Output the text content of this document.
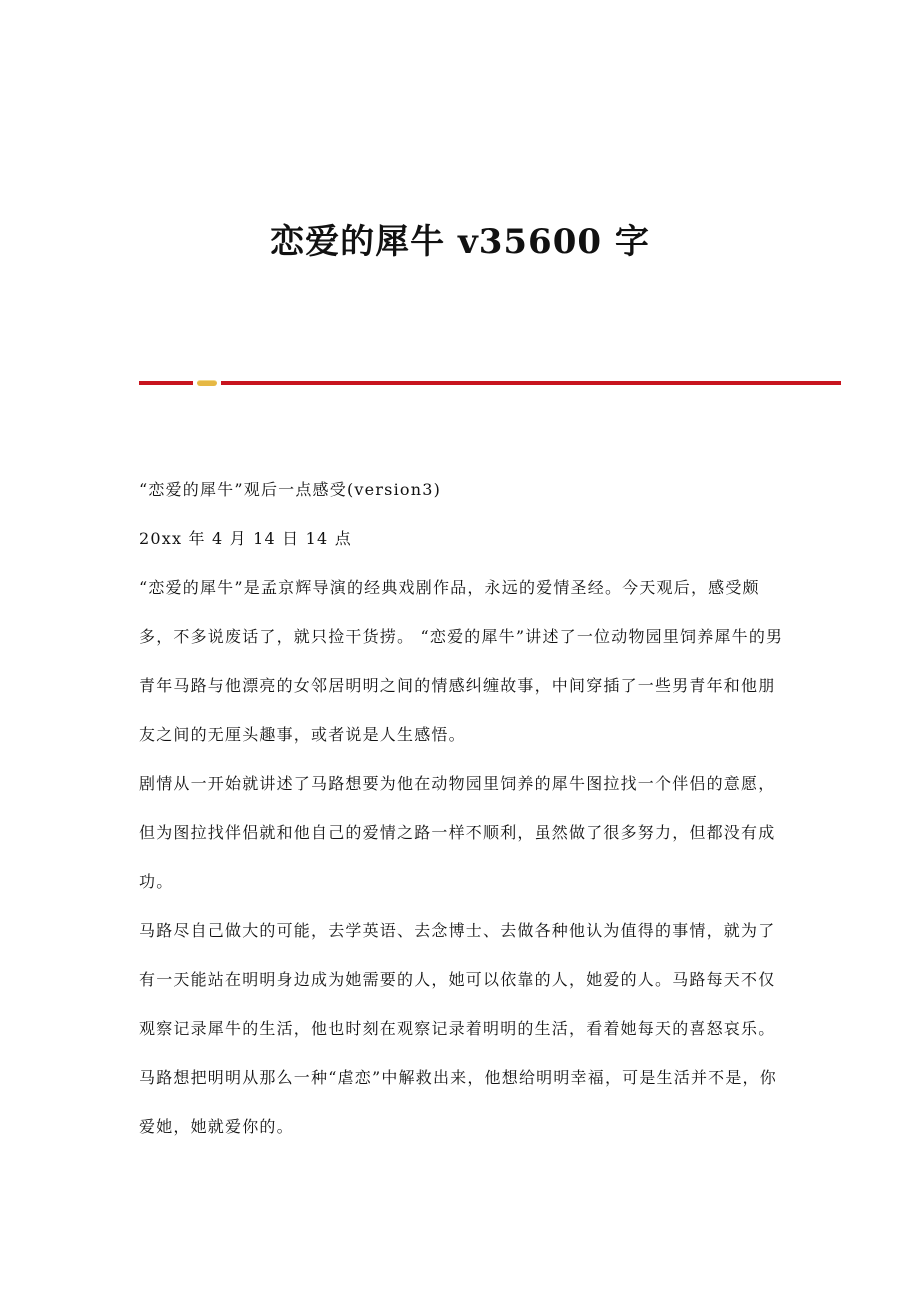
恋爱的犀牛 v35600 字

“恋爱的犀牛”观后一点感受(version3)

20xx 年 4 月 14 日 14 点

“恋爱的犀牛”是孟京辉导演的经典戏剧作品，永远的爱情圣经。今天观后，感受颇多，不多说废话了，就只捡干货捞。 “恋爱的犀牛”讲述了一位动物园里饲养犀牛的男青年马路与他漂亮的女邻居明明之间的情感纠缠故事，中间穿插了一些男青年和他朋友之间的无厘头趣事，或者说是人生感悟。

剧情从一开始就讲述了马路想要为他在动物园里饲养的犀牛图拉找一个伴侣的意愿，但为图拉找伴侣就和他自己的爱情之路一样不顺利，虽然做了很多努力，但都没有成功。

马路尽自己做大的可能，去学英语、去念博士、去做各种他认为值得的事情，就为了有一天能站在明明身边成为她需要的人，她可以依靠的人，她爱的人。马路每天不仅观察记录犀牛的生活，他也时刻在观察记录着明明的生活，看着她每天的喜怒哀乐。马路想把明明从那么一种“虐恋”中解救出来，他想给明明幸福，可是生活并不是，你爱她，她就爱你的。
